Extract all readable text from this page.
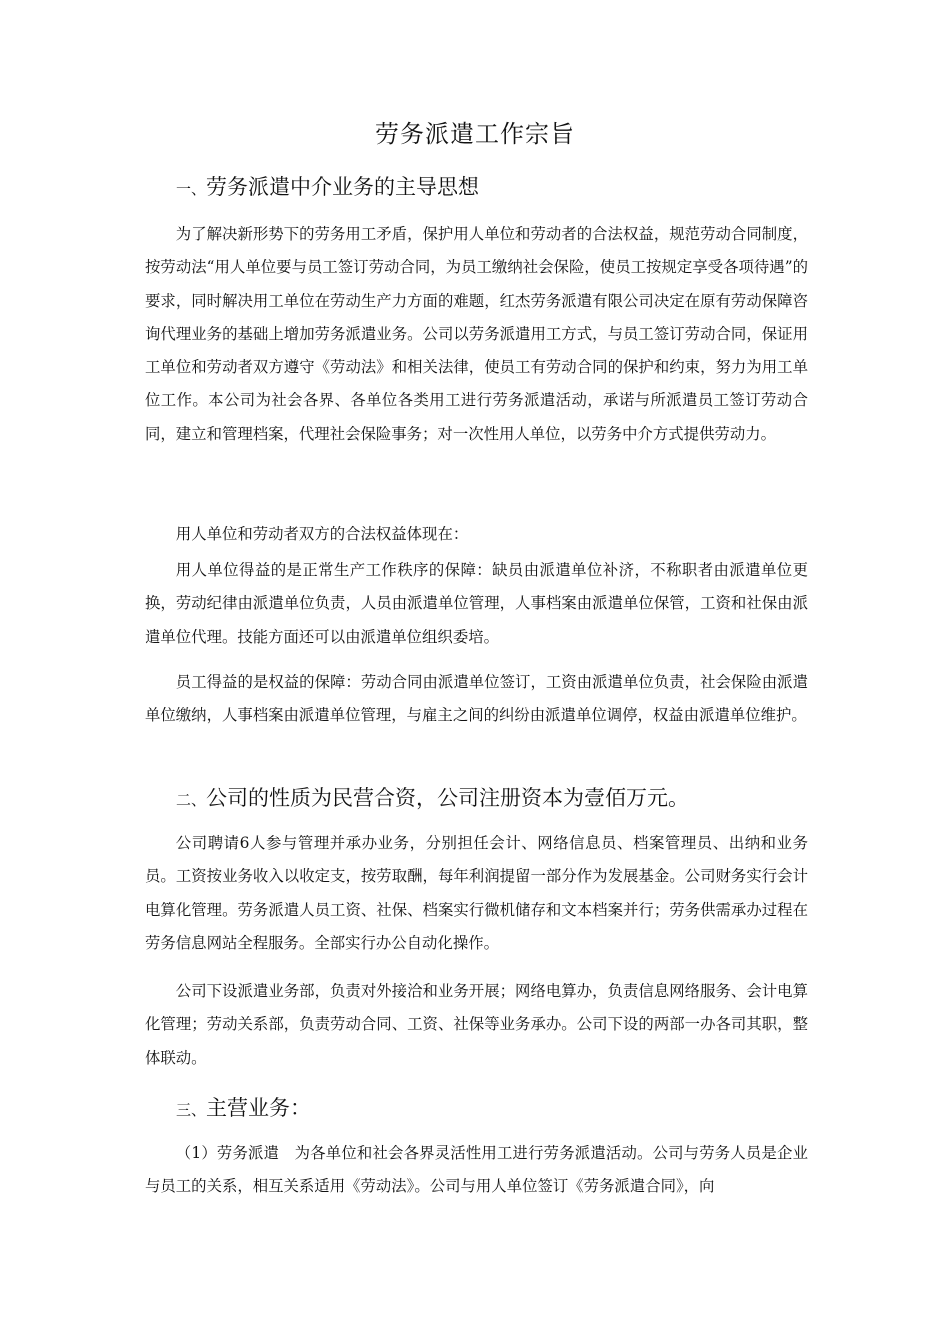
劳务派遣工作宗旨
一、劳务派遣中介业务的主导思想

为了解决新形势下的劳务用工矛盾，保护用人单位和劳动者的合法权益，规范劳动合同制度，按劳动法“用人单位要与员工签订劳动合同，为员工缴纳社会保险，使员工按规定享受各项待遇”的要求，同时解决用工单位在劳动生产力方面的难题，红杰劳务派遣有限公司决定在原有劳动保障咨询代理业务的基础上增加劳务派遣业务。公司以劳务派遣用工方式，与员工签订劳动合同，保证用工单位和劳动者双方遵守《劳动法》和相关法律，使员工有劳动合同的保护和约束，努力为用工单位工作。本公司为社会各界、各单位各类用工进行劳务派遣活动，承诺与所派遣员工签订劳动合同，建立和管理档案，代理社会保险事务；对一次性用人单位，以劳务中介方式提供劳动力。

用人单位和劳动者双方的合法权益体现在：

用人单位得益的是正常生产工作秩序的保障：缺员由派遣单位补济，不称职者由派遣单位更换，劳动纪律由派遣单位负责，人员由派遣单位管理，人事档案由派遣单位保管，工资和社保由派遣单位代理。技能方面还可以由派遣单位组织委培。

员工得益的是权益的保障：劳动合同由派遣单位签订，工资由派遣单位负责，社会保险由派遣单位缴纳，人事档案由派遣单位管理，与雇主之间的纠纷由派遣单位调停，权益由派遣单位维护。

二、公司的性质为民营合资，公司注册资本为壹佰万元。

公司聘请6人参与管理并承办业务，分别担任会计、网络信息员、档案管理员、出纳和业务员。工资按业务收入以收定支，按劳取酬，每年利润提留一部分作为发展基金。公司财务实行会计电算化管理。劳务派遣人员工资、社保、档案实行微机储存和文本档案并行；劳务供需承办过程在劳务信息网站全程服务。全部实行办公自动化操作。

公司下设派遣业务部，负责对外接洽和业务开展；网络电算办，负责信息网络服务、会计电算化管理；劳动关系部，负责劳动合同、工资、社保等业务承办。公司下设的两部一办各司其职，整体联动。

三、主营业务：

（1）劳务派遣　为各单位和社会各界灵活性用工进行劳务派遣活动。公司与劳务人员是企业与员工的关系，相互关系适用《劳动法》。公司与用人单位签订《劳务派遣合同》，向
